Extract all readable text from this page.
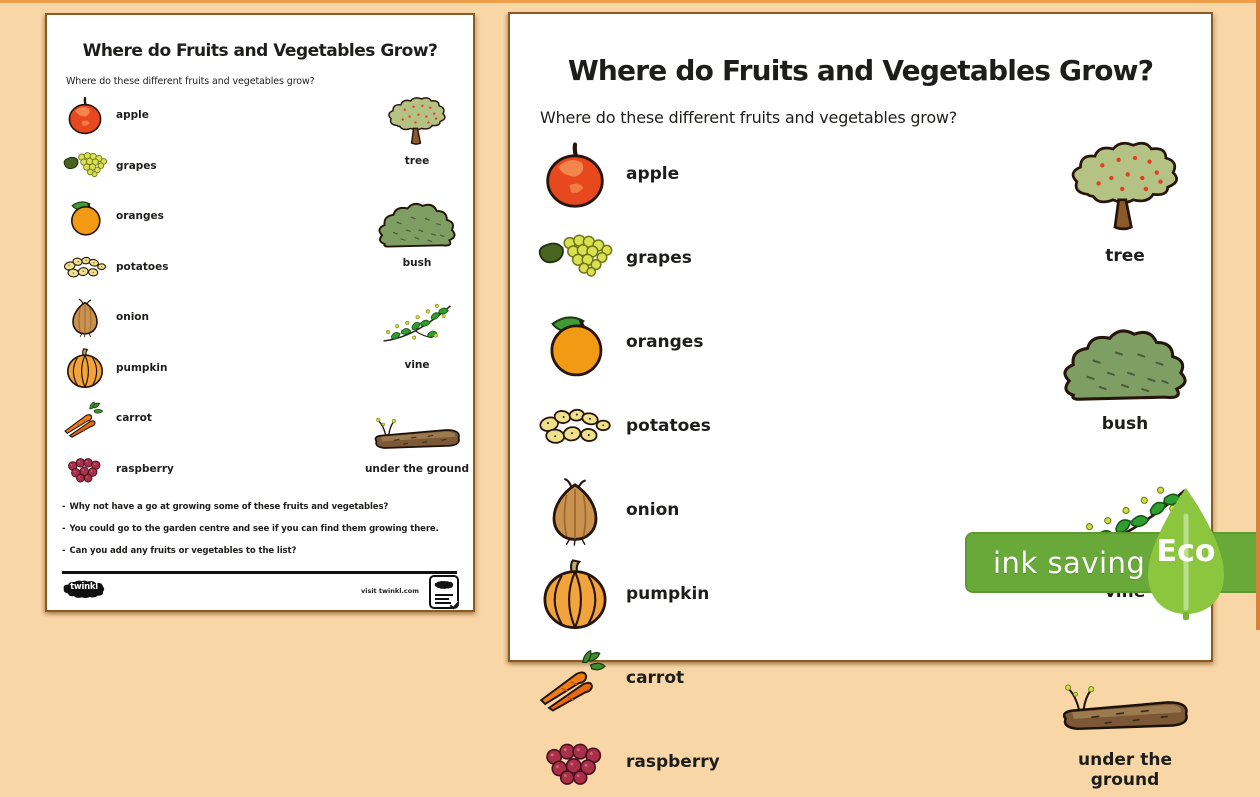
Where do Fruits and Vegetables Grow?
Where do these different fruits and vegetables grow?
apple
grapes
oranges
potatoes
onion
pumpkin
carrot
raspberry
tree
bush
vine
under the ground
- Why not have a go at growing some of these fruits and vegetables?
- You could go to the garden centre and see if you can find them growing there.
- Can you add any fruits or vegetables to the list?
twinkl	visit twinkl.com
Where do Fruits and Vegetables Grow?
Where do these different fruits and vegetables grow?
apple
grapes
oranges
potatoes
onion
pumpkin
carrot
raspberry
tree
bush
under the ground
ink saving Eco
